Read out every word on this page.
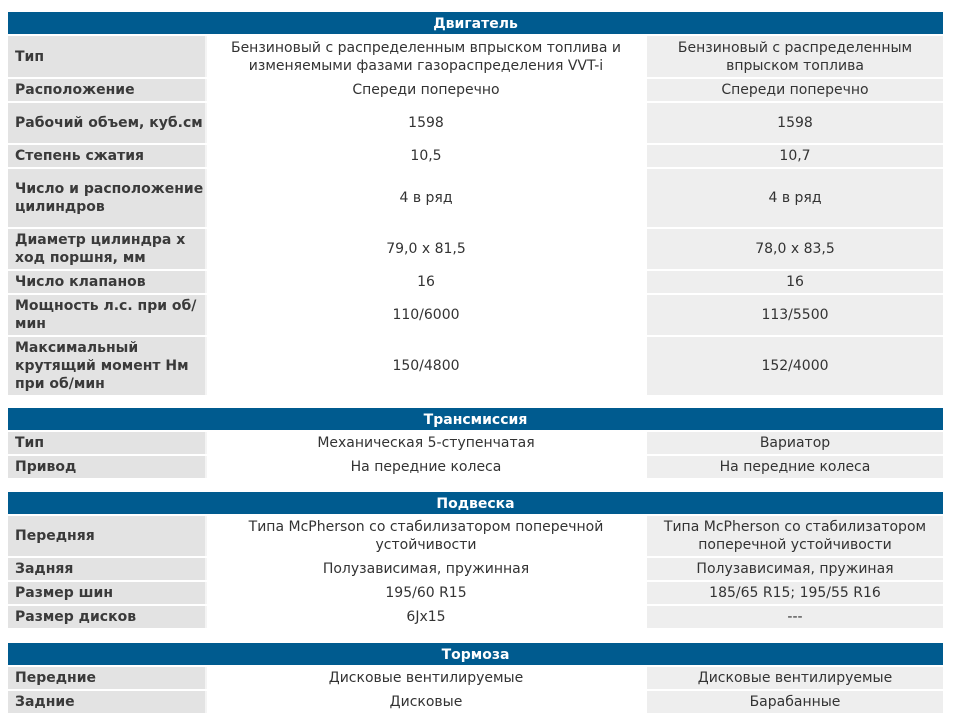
Двигатель
Тип	Бензиновый с распределенным впрыском топлива и изменяемыми фазами газораспределения VVT-i	Бензиновый с распределенным впрыском топлива
Расположение	Спереди поперечно	Спереди поперечно
Рабочий объем, куб.см	1598	1598
Степень сжатия	10,5	10,7
Число и расположение цилиндров	4 в ряд	4 в ряд
Диаметр цилиндра х ход поршня, мм	79,0 х 81,5	78,0 х 83,5
Число клапанов	16	16
Мощность л.с. при об/мин	110/6000	113/5500
Максимальный крутящий момент Нм при об/мин	150/4800	152/4000
Трансмиссия
Тип	Механическая 5-ступенчатая	Вариатор
Привод	На передние колеса	На передние колеса
Подвеска
Передняя	Типа McPherson со стабилизатором поперечной устойчивости	Типа McPherson со стабилизатором поперечной устойчивости
Задняя	Полузависимая, пружинная	Полузависимая, пружиная
Размер шин	195/60 R15	185/65 R15; 195/55 R16
Размер дисков	6Jx15	---
Тормоза
Передние	Дисковые вентилируемые	Дисковые вентилируемые
Задние	Дисковые	Барабанные
